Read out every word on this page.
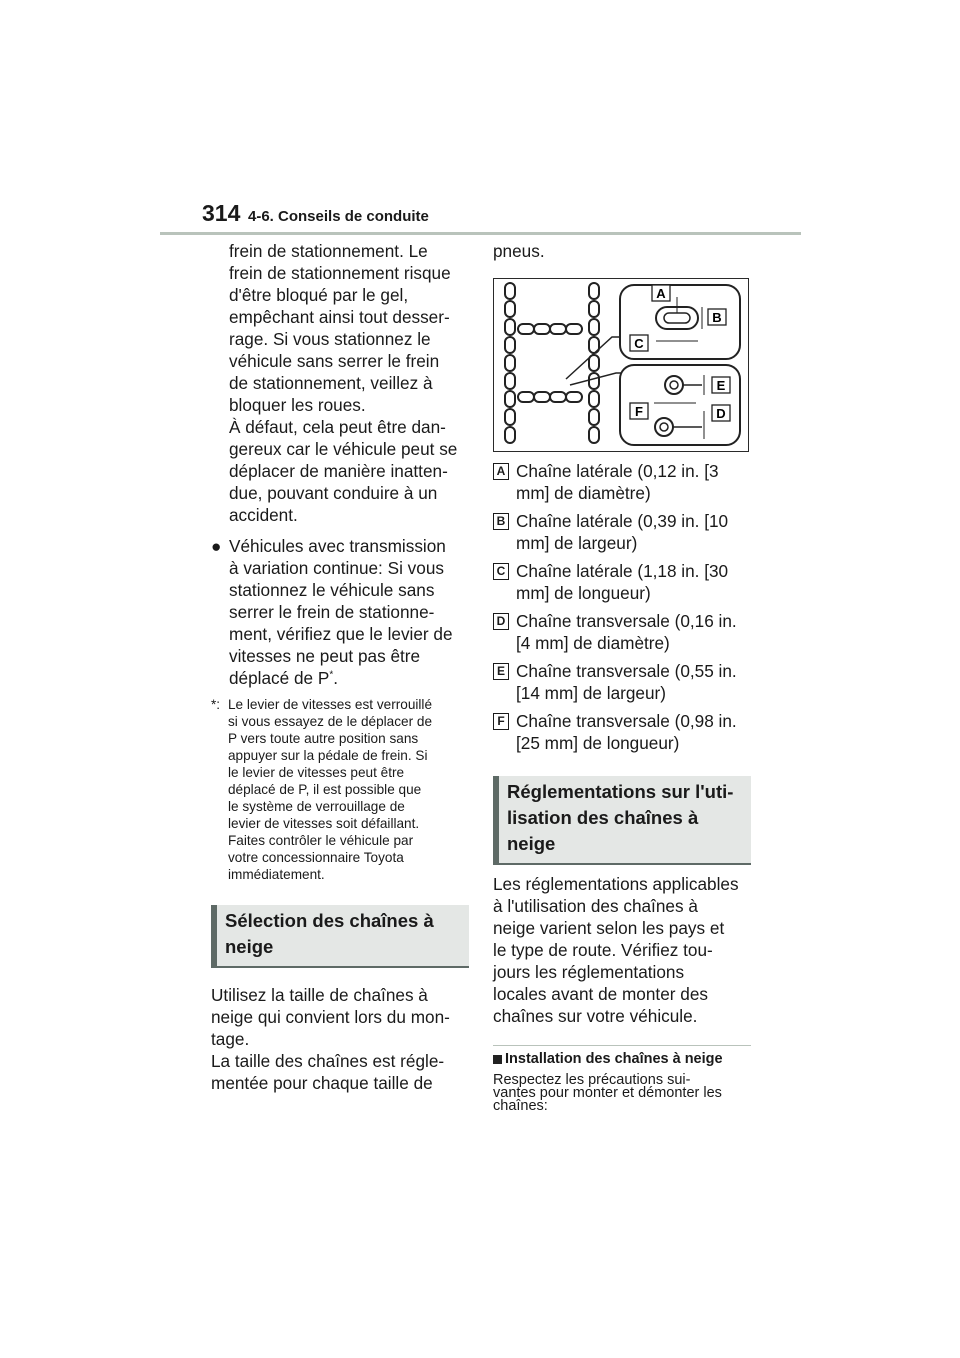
314 4-6. Conseils de conduite
frein de stationnement. Le
frein de stationnement risque
d'être bloqué par le gel,
empêchant ainsi tout desser-
rage. Si vous stationnez le
véhicule sans serrer le frein
de stationnement, veillez à
bloquer les roues.
À défaut, cela peut être dan-
gereux car le véhicule peut se
déplacer de manière inatten-
due, pouvant conduire à un
accident.
● Véhicules avec transmission
à variation continue: Si vous
stationnez le véhicule sans
serrer le frein de stationne-
ment, vérifiez que le levier de
vitesses ne peut pas être
déplacé de P*.
*: Le levier de vitesses est verrouillé
si vous essayez de le déplacer de
P vers toute autre position sans
appuyer sur la pédale de frein. Si
le levier de vitesses peut être
déplacé de P, il est possible que
le système de verrouillage de
levier de vitesses soit défaillant.
Faites contrôler le véhicule par
votre concessionnaire Toyota
immédiatement.
Sélection des chaînes à
neige
Utilisez la taille de chaînes à
neige qui convient lors du mon-
tage.
La taille des chaînes est régle-
mentée pour chaque taille de
pneus.
A
B
C
E
F	D
A Chaîne latérale (0,12 in. [3
mm] de diamètre)
B Chaîne latérale (0,39 in. [10
mm] de largeur)
C Chaîne latérale (1,18 in. [30
mm] de longueur)
D Chaîne transversale (0,16 in.
[4 mm] de diamètre)
E Chaîne transversale (0,55 in.
[14 mm] de largeur)
F Chaîne transversale (0,98 in.
[25 mm] de longueur)
Réglementations sur l'uti-
lisation des chaînes à
neige
Les réglementations applicables
à l'utilisation des chaînes à
neige varient selon les pays et
le type de route. Vérifiez tou-
jours les réglementations
locales avant de monter des
chaînes sur votre véhicule.
Installation des chaînes à neige
Respectez les précautions sui-
vantes pour monter et démonter les
chaînes:
